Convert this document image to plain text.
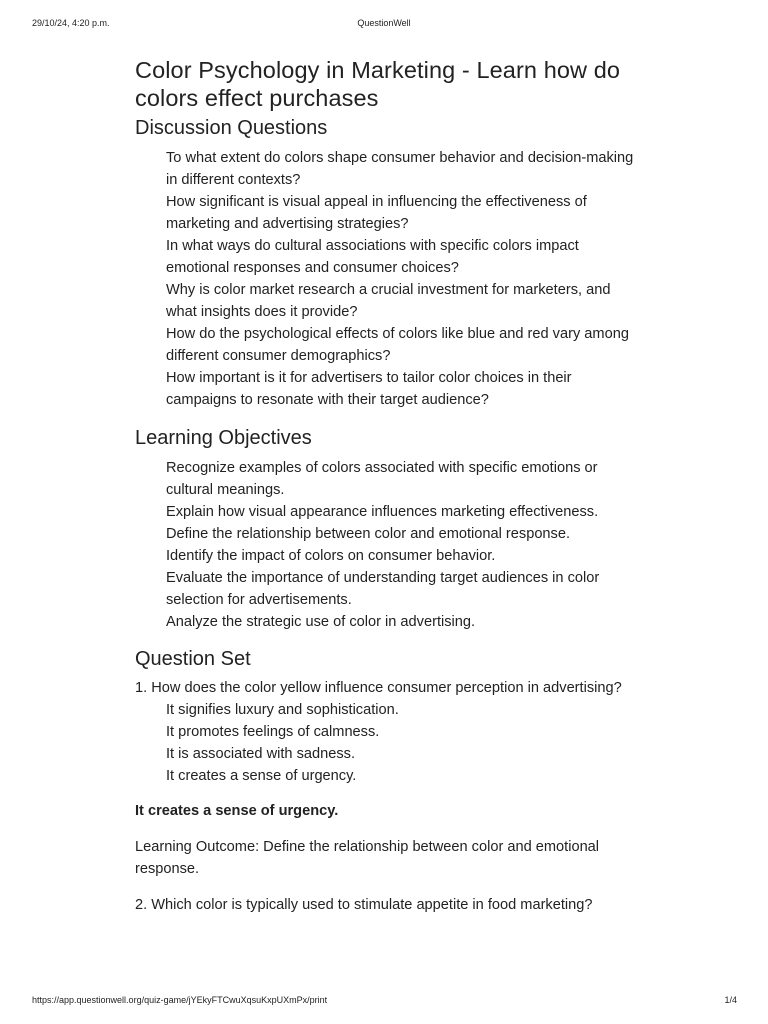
29/10/24, 4:20 p.m.	QuestionWell
Color Psychology in Marketing - Learn how do colors effect purchases
Discussion Questions
To what extent do colors shape consumer behavior and decision-making in different contexts?
How significant is visual appeal in influencing the effectiveness of marketing and advertising strategies?
In what ways do cultural associations with specific colors impact emotional responses and consumer choices?
Why is color market research a crucial investment for marketers, and what insights does it provide?
How do the psychological effects of colors like blue and red vary among different consumer demographics?
How important is it for advertisers to tailor color choices in their campaigns to resonate with their target audience?
Learning Objectives
Recognize examples of colors associated with specific emotions or cultural meanings.
Explain how visual appearance influences marketing effectiveness.
Define the relationship between color and emotional response.
Identify the impact of colors on consumer behavior.
Evaluate the importance of understanding target audiences in color selection for advertisements.
Analyze the strategic use of color in advertising.
Question Set
1. How does the color yellow influence consumer perception in advertising?
It signifies luxury and sophistication.
It promotes feelings of calmness.
It is associated with sadness.
It creates a sense of urgency.
It creates a sense of urgency.
Learning Outcome: Define the relationship between color and emotional response.
2. Which color is typically used to stimulate appetite in food marketing?
https://app.questionwell.org/quiz-game/jYEkyFTCwuXqsuKxpUXmPx/print	1/4
